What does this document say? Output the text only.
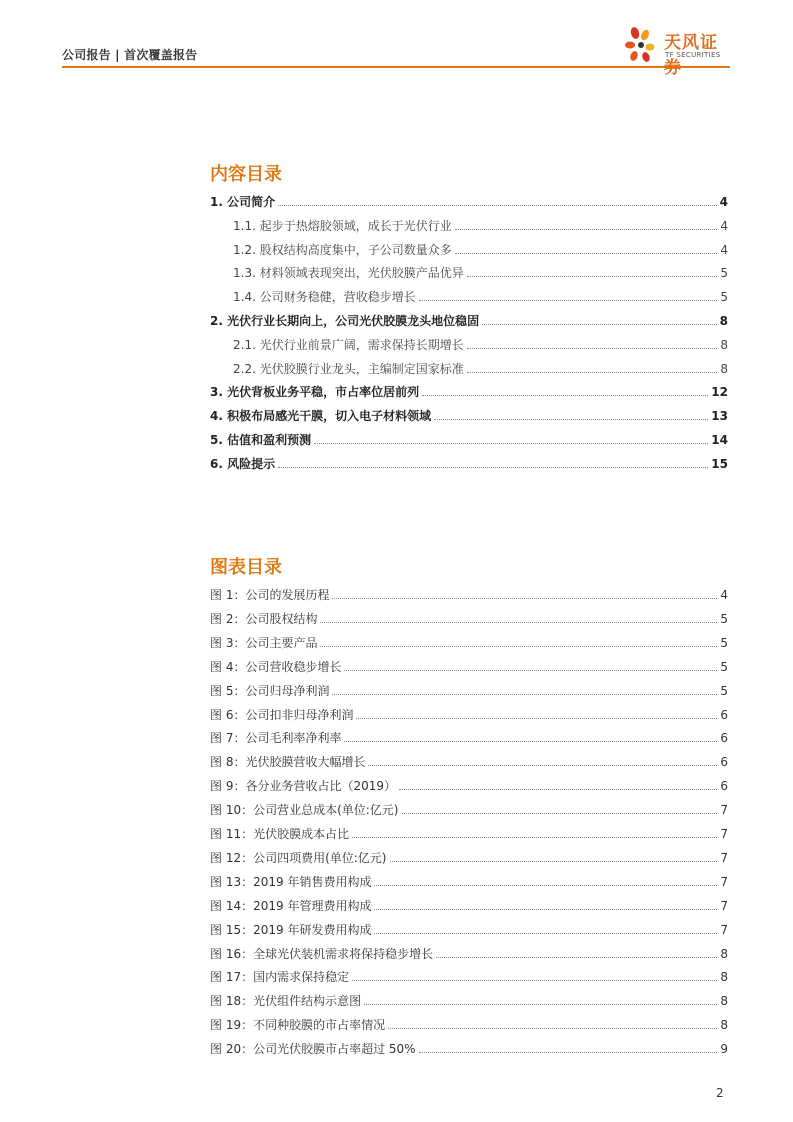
公司报告 | 首次覆盖报告
天风证券
TF SECURITIES
内容目录
1. 公司简介	4
1.1. 起步于热熔胶领域，成长于光伏行业	4
1.2. 股权结构高度集中，子公司数量众多	4
1.3. 材料领域表现突出，光伏胶膜产品优异	5
1.4. 公司财务稳健，营收稳步增长	5
2. 光伏行业长期向上，公司光伏胶膜龙头地位稳固	8
2.1. 光伏行业前景广阔，需求保持长期增长	8
2.2. 光伏胶膜行业龙头，主编制定国家标准	8
3. 光伏背板业务平稳，市占率位居前列	12
4. 积极布局感光干膜，切入电子材料领域	13
5. 估值和盈利预测	14
6. 风险提示	15
图表目录
图 1：公司的发展历程	4
图 2：公司股权结构	5
图 3：公司主要产品	5
图 4：公司营收稳步增长	5
图 5：公司归母净利润	5
图 6：公司扣非归母净利润	6
图 7：公司毛利率净利率	6
图 8：光伏胶膜营收大幅增长	6
图 9：各分业务营收占比（2019）	6
图 10：公司营业总成本(单位:亿元)	7
图 11：光伏胶膜成本占比	7
图 12：公司四项费用(单位:亿元)	7
图 13：2019 年销售费用构成	7
图 14：2019 年管理费用构成	7
图 15：2019 年研发费用构成	7
图 16：全球光伏装机需求将保持稳步增长	8
图 17：国内需求保持稳定	8
图 18：光伏组件结构示意图	8
图 19：不同种胶膜的市占率情况	8
图 20：公司光伏胶膜市占率超过 50%	9
2
